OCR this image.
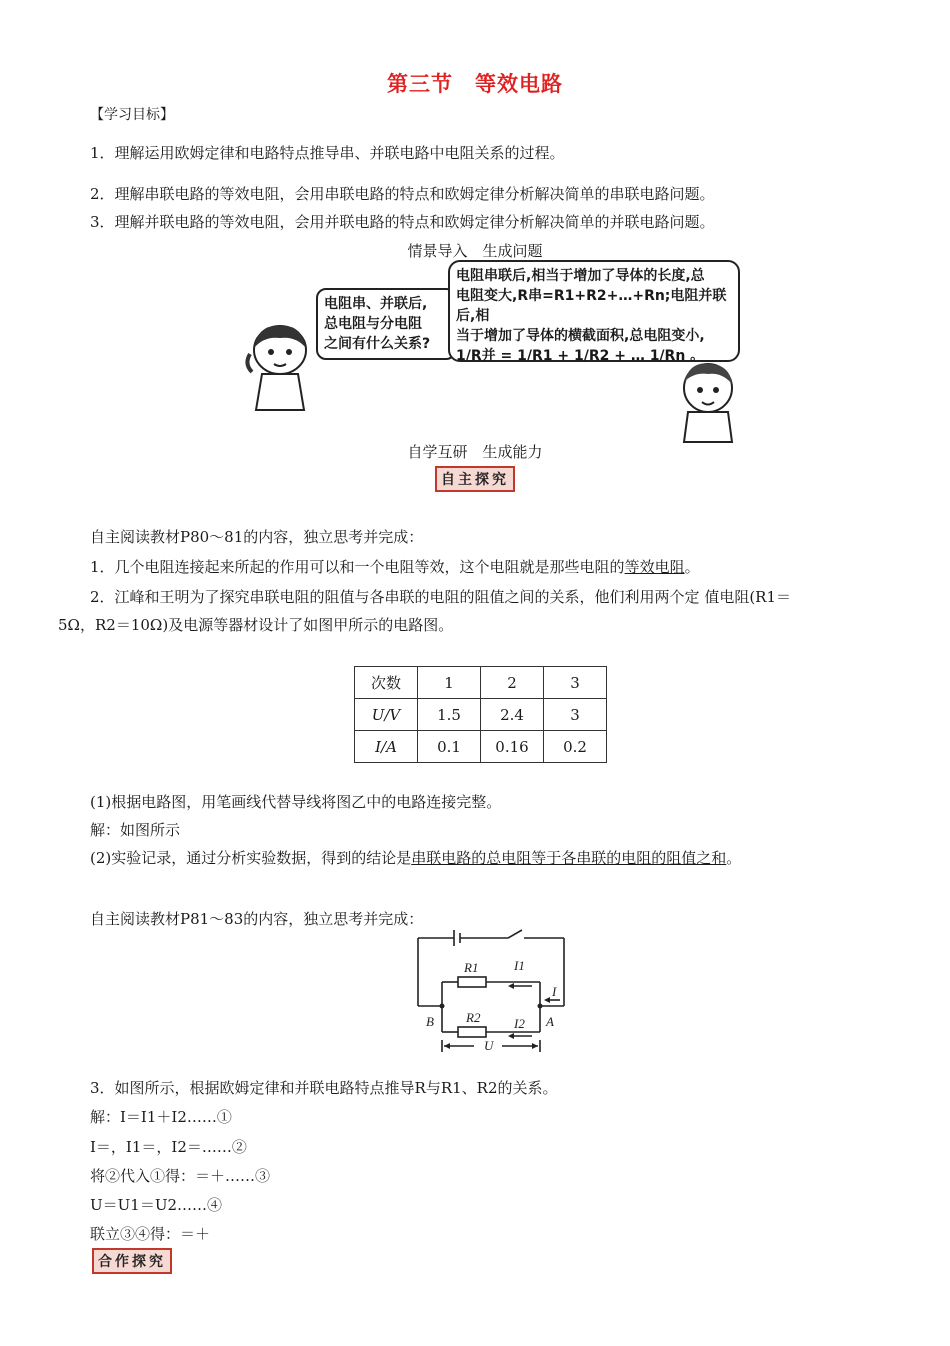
第三节　等效电路
【学习目标】
1．理解运用欧姆定律和电路特点推导串、并联电路中电阻关系的过程。
2．理解串联电路的等效电阻，会用串联电路的特点和欧姆定律分析解决简单的串联电路问题。
3．理解并联电路的等效电阻，会用并联电路的特点和欧姆定律分析解决简单的并联电路问题。
情景导入　生成问题
电阻串、并联后,
总电阻与分电阻
之间有什么关系?
电阻串联后,相当于增加了导体的长度,总
电阻变大,R串=R1+R2+…+Rn;电阻并联后,相
当于增加了导体的横截面积,总电阻变小,
1/R并 = 1/R1 + 1/R2 + … 1/Rn 。
自学互研　生成能力
自主探究
自主阅读教材P80～81的内容，独立思考并完成：
1．几个电阻连接起来所起的作用可以和一个电阻等效，这个电阻就是那些电阻的等效电阻。
2．江峰和王明为了探究串联电阻的阻值与各串联的电阻的阻值之间的关系，他们利用两个定 值电阻(R1＝
5Ω，R2＝10Ω)及电源等器材设计了如图甲所示的电路图。
次数	1	2	3
U/V	1.5	2.4	3
I/A	0.1	0.16	0.2
(1)根据电路图，用笔画线代替导线将图乙中的电路连接完整。
解：如图所示
(2)实验记录，通过分析实验数据，得到的结论是串联电路的总电阻等于各串联的电阻的阻值之和。
自主阅读教材P81～83的内容，独立思考并完成：
R1	I1
I
R2	I2
B	A
U
3．如图所示，根据欧姆定律和并联电路特点推导R与R1、R2的关系。
解：I＝I1＋I2……①
I＝，I1＝，I2＝……②
将②代入①得：＝＋……③
U＝U1＝U2……④
联立③④得：＝＋
合作探究
